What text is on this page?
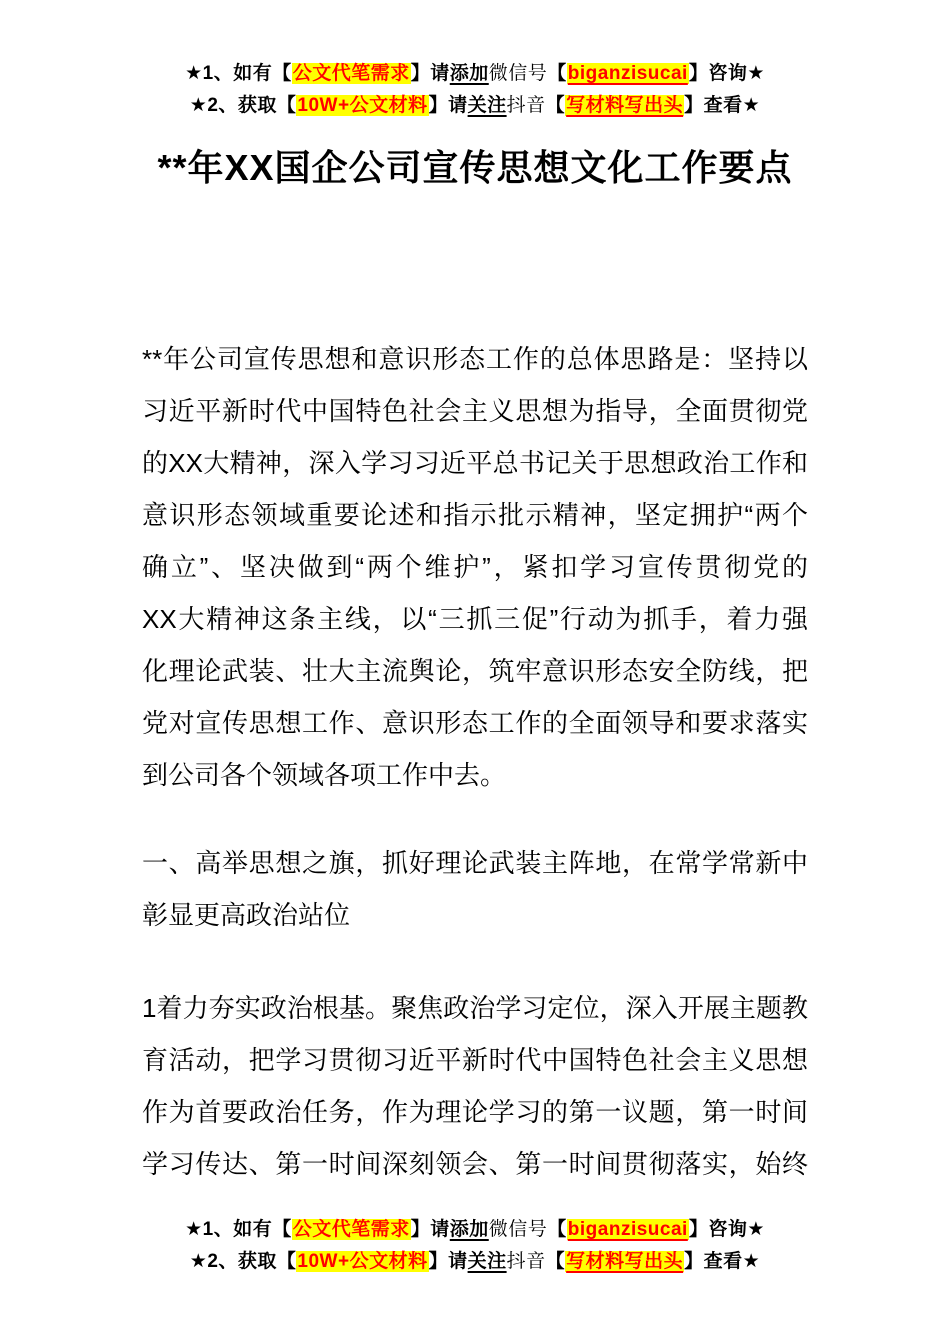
★1、如有【公文代笔需求】请添加微信号【biganzisucai】咨询★
★2、获取【10W+公文材料】请关注抖音【写材料写出头】查看★
**年XX国企公司宣传思想文化工作要点
**年公司宣传思想和意识形态工作的总体思路是：坚持以
习近平新时代中国特色社会主义思想为指导，全面贯彻党
的XX大精神，深入学习习近平总书记关于思想政治工作和
意识形态领域重要论述和指示批示精神，坚定拥护“两个
确立”、坚决做到“两个维护”，紧扣学习宣传贯彻党的
XX大精神这条主线，以“三抓三促”行动为抓手，着力强
化理论武装、壮大主流舆论，筑牢意识形态安全防线，把
党对宣传思想工作、意识形态工作的全面领导和要求落实
到公司各个领域各项工作中去。
一、高举思想之旗，抓好理论武装主阵地，在常学常新中
彰显更高政治站位
1着力夯实政治根基。聚焦政治学习定位，深入开展主题教
育活动，把学习贯彻习近平新时代中国特色社会主义思想
作为首要政治任务，作为理论学习的第一议题，第一时间
学习传达、第一时间深刻领会、第一时间贯彻落实，始终
★1、如有【公文代笔需求】请添加微信号【biganzisucai】咨询★
★2、获取【10W+公文材料】请关注抖音【写材料写出头】查看★
